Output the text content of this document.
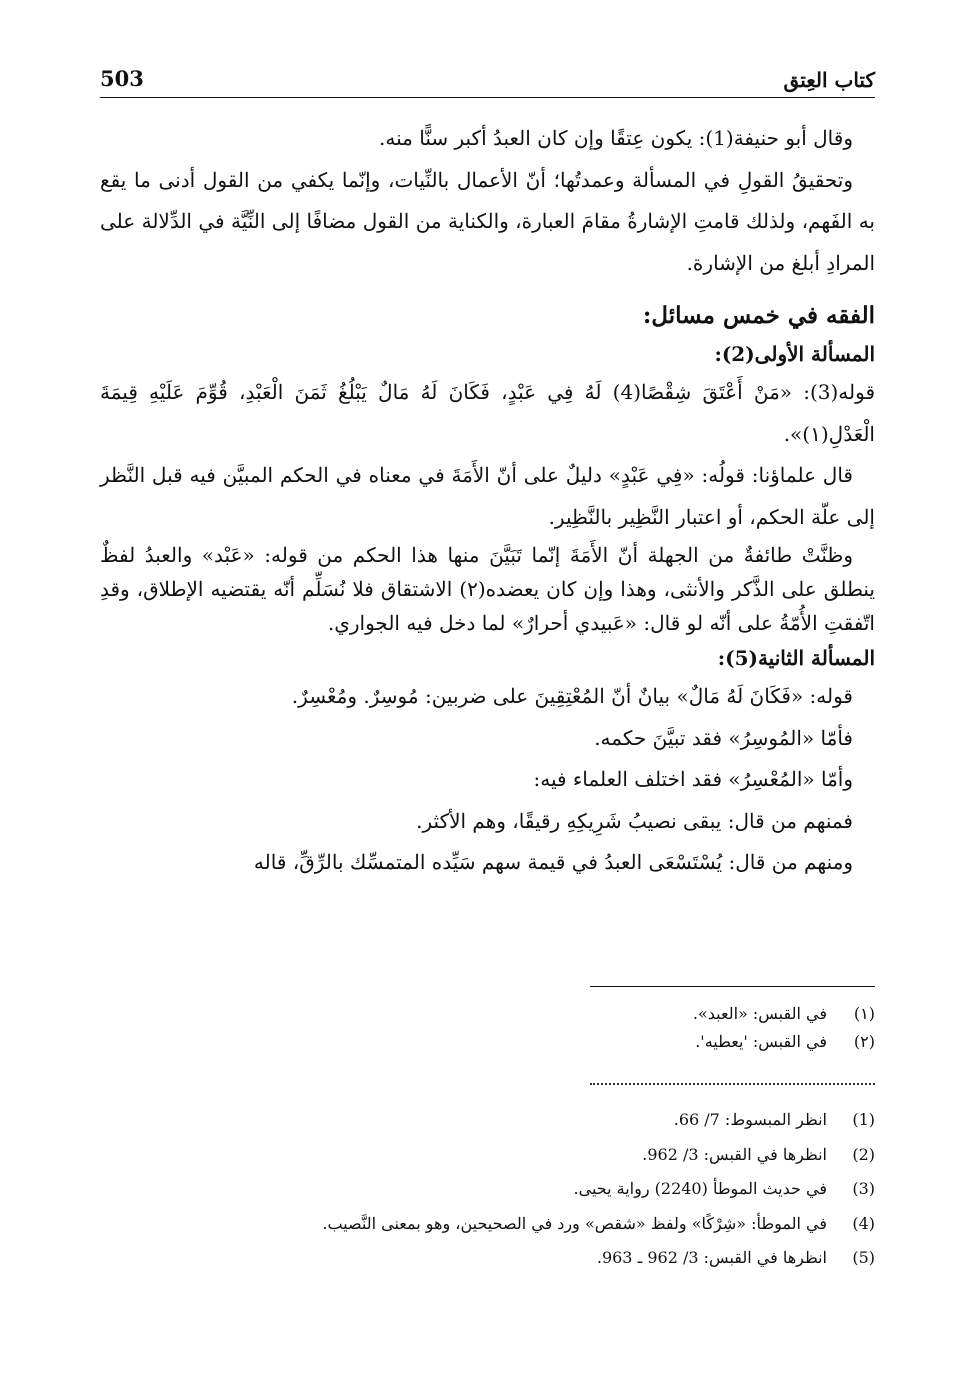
503	كتاب العِتق

وقال أبو حنيفة(1): يكون عِتقًا وإن كان العبدُ أكبر سنًّا منه.

وتحقيقُ القولِ في المسألة وعمدتُها؛ أنّ الأعمال بالنِّيات، وإنّما يكفي من القول أدنى ما يقع به الفَهم، ولذلك قامتِ الإشارةُ مقامَ العبارة، والكناية من القول مضافًا إلى النِّيَّة في الدِّلالة على المرادِ أبلغ من الإشارة.

الفقه في خمس مسائل:

المسألة الأولى(2):

قوله(3): «مَنْ أَعْتَقَ شِقْصًا(4) لَهُ فِي عَبْدٍ، فَكَانَ لَهُ مَالٌ يَبْلُغُ ثَمَنَ الْعَبْدِ، قُوِّمَ عَلَيْهِ قِيمَةَ الْعَدْلِ(١)».

قال علماؤنا: قولُه: «فِي عَبْدٍ» دليلٌ على أنّ الأَمَةَ في معناه في الحكم المبيَّن فيه قبل النَّظر إلى علّة الحكم، أو اعتبار النَّظِير بالنَّظِير.

وظنَّتْ طائفةٌ من الجهلة أنّ الأَمَةَ إنّما تَبَيَّنَ منها هذا الحكم من قوله: «عَبْد» والعبدُ لفظٌ ينطلق على الذَّكر والأنثى، وهذا وإن كان يعضده(٢) الاشتقاق فلا نُسَلِّم أنّه يقتضيه الإطلاق، وقدِ اتّفقتِ الأُمّةُ على أنّه لو قال: «عَبيدي أحرارٌ» لما دخل فيه الجواري.

المسألة الثانية(5):

قوله: «فَكَانَ لَهُ مَالٌ» بيانٌ أنّ المُعْتِقِينَ على ضربين: مُوسِرٌ. ومُعْسِرٌ.

فأمّا «المُوسِرُ» فقد تبيَّنَ حكمه.

وأمّا «المُعْسِرُ» فقد اختلف العلماء فيه:

فمنهم من قال: يبقى نصيبُ شَرِيكِهِ رقيقًا، وهم الأكثر.

ومنهم من قال: يُسْتَسْعَى العبدُ في قيمة سهم سَيِّده المتمسِّك بالرِّقِّ، قاله

(١)
في القبس: «العبد».
(٢)
في القبس: 'يعطيه'.
(1)
انظر المبسوط: 7/ 66.
(2)
انظرها في القبس: 3/ 962.
(3)
في حديث الموطأ (2240) رواية يحيى.
(4)
في الموطأ: «شِرْكًا» ولفظ «شقص» ورد في الصحيحين، وهو بمعنى النَّصيب.
(5)
انظرها في القبس: 3/ 962 ـ 963.
